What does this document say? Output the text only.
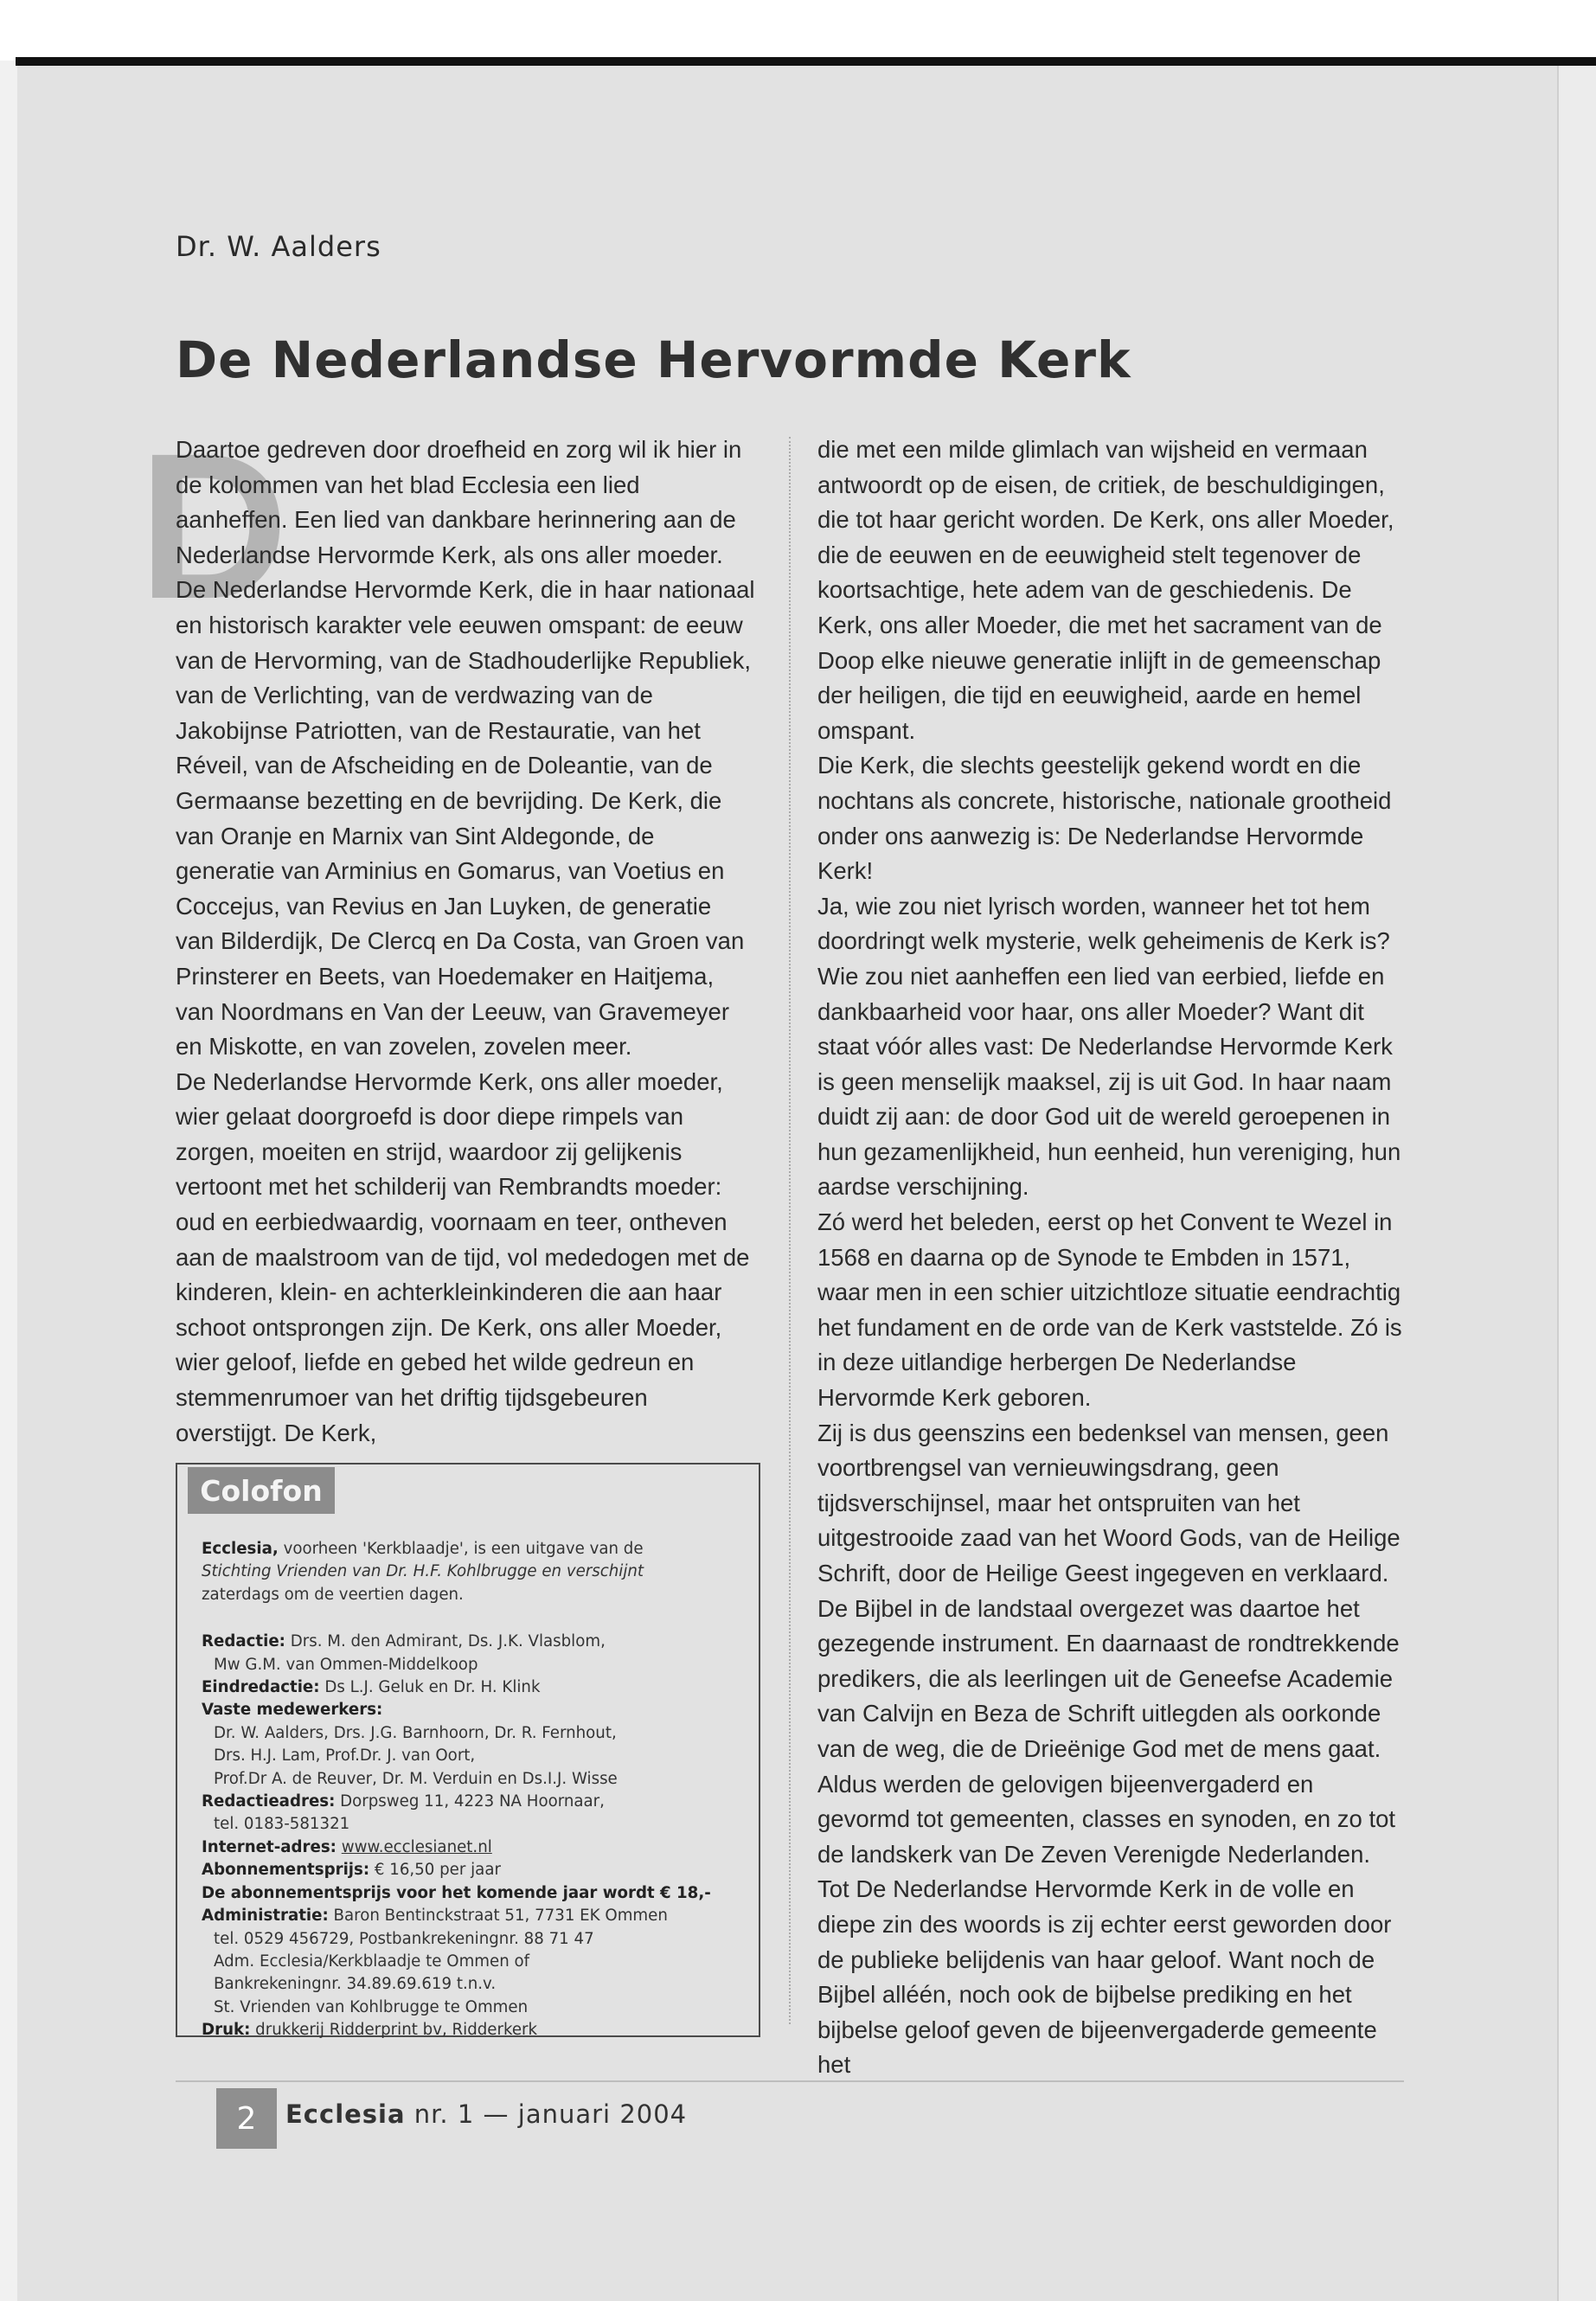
Dr. W. Aalders
De Nederlandse Hervormde Kerk
D

Daartoe gedreven door droefheid en zorg wil ik hier in de kolommen van het blad Ecclesia een lied aanheffen. Een lied van dankbare herinnering aan de Nederlandse Hervormde Kerk, als ons aller moeder.

De Nederlandse Hervormde Kerk, die in haar nationaal en historisch karakter vele eeuwen omspant: de eeuw van de Hervorming, van de Stadhouderlijke Republiek, van de Verlichting, van de verdwazing van de Jakobijnse Patriotten, van de Restauratie, van het Réveil, van de Afscheiding en de Doleantie, van de Germaanse bezetting en de bevrijding. De Kerk, die van Oranje en Marnix van Sint Aldegonde, de generatie van Arminius en Gomarus, van Voetius en Coccejus, van Revius en Jan Luyken, de generatie van Bilderdijk, De Clercq en Da Costa, van Groen van Prinsterer en Beets, van Hoedemaker en Haitjema, van Noordmans en Van der Leeuw, van Gravemeyer en Miskotte, en van zovelen, zovelen meer.

De Nederlandse Hervormde Kerk, ons aller moeder, wier gelaat doorgroefd is door diepe rimpels van zorgen, moeiten en strijd, waardoor zij gelijkenis vertoont met het schilderij van Rembrandts moeder: oud en eerbiedwaardig, voornaam en teer, ontheven aan de maalstroom van de tijd, vol mededogen met de kinderen, klein- en achterkleinkinderen die aan haar schoot ontsprongen zijn. De Kerk, ons aller Moeder, wier geloof, liefde en gebed het wilde gedreun en stemmenrumoer van het driftig tijdsgebeuren overstijgt. De Kerk,

die met een milde glimlach van wijsheid en vermaan antwoordt op de eisen, de critiek, de beschuldigingen, die tot haar gericht worden. De Kerk, ons aller Moeder, die de eeuwen en de eeuwigheid stelt tegenover de koortsachtige, hete adem van de geschiedenis. De Kerk, ons aller Moeder, die met het sacrament van de Doop elke nieuwe generatie inlijft in de gemeenschap der heiligen, die tijd en eeuwigheid, aarde en hemel omspant.

Die Kerk, die slechts geestelijk gekend wordt en die nochtans als concrete, historische, nationale grootheid onder ons aanwezig is: De Nederlandse Hervormde Kerk!

Ja, wie zou niet lyrisch worden, wanneer het tot hem doordringt welk mysterie, welk geheimenis de Kerk is? Wie zou niet aanheffen een lied van eerbied, liefde en dankbaarheid voor haar, ons aller Moeder? Want dit staat vóór alles vast: De Nederlandse Hervormde Kerk is geen menselijk maaksel, zij is uit God. In haar naam duidt zij aan: de door God uit de wereld geroepenen in hun gezamenlijkheid, hun eenheid, hun vereniging, hun aardse verschijning.

Zó werd het beleden, eerst op het Convent te Wezel in 1568 en daarna op de Synode te Embden in 1571, waar men in een schier uitzichtloze situatie eendrachtig het fundament en de orde van de Kerk vaststelde. Zó is in deze uitlandige herbergen De Nederlandse Hervormde Kerk geboren.

Zij is dus geenszins een bedenksel van mensen, geen voortbrengsel van vernieuwingsdrang, geen tijdsverschijnsel, maar het ontspruiten van het uitgestrooide zaad van het Woord Gods, van de Heilige Schrift, door de Heilige Geest ingegeven en verklaard. De Bijbel in de landstaal overgezet was daartoe het gezegende instrument. En daarnaast de rondtrekkende predikers, die als leerlingen uit de Geneefse Academie van Calvijn en Beza de Schrift uitlegden als oorkonde van de weg, die de Drieënige God met de mens gaat. Aldus werden de gelovigen bijeenvergaderd en gevormd tot gemeenten, classes en synoden, en zo tot de landskerk van De Zeven Verenigde Nederlanden.

Tot De Nederlandse Hervormde Kerk in de volle en diepe zin des woords is zij echter eerst geworden door de publieke belijdenis van haar geloof. Want noch de Bijbel alléén, noch ook de bijbelse prediking en het bijbelse geloof geven de bijeenvergaderde gemeente het

Colofon
Ecclesia, voorheen 'Kerkblaadje', is een uitgave van de
Stichting Vrienden van Dr. H.F. Kohlbrugge en verschijnt
zaterdags om de veertien dagen.
Redactie: Drs. M. den Admirant, Ds. J.K. Vlasblom,
Mw G.M. van Ommen-Middelkoop
Eindredactie: Ds L.J. Geluk en Dr. H. Klink
Vaste medewerkers:
Dr. W. Aalders, Drs. J.G. Barnhoorn, Dr. R. Fernhout,
Drs. H.J. Lam, Prof.Dr. J. van Oort,
Prof.Dr A. de Reuver, Dr. M. Verduin en Ds.I.J. Wisse
Redactieadres: Dorpsweg 11, 4223 NA Hoornaar,
tel. 0183-581321
Internet-adres: www.ecclesianet.nl
Abonnementsprijs: € 16,50 per jaar
De abonnementsprijs voor het komende jaar wordt € 18,-
Administratie: Baron Bentinckstraat 51, 7731 EK Ommen
tel. 0529 456729, Postbankrekeningnr. 88 71 47
Adm. Ecclesia/Kerkblaadje te Ommen of
Bankrekeningnr. 34.89.69.619 t.n.v.
St. Vrienden van Kohlbrugge te Ommen
Druk: drukkerij Ridderprint bv, Ridderkerk
2	Ecclesia nr. 1 — januari 2004
